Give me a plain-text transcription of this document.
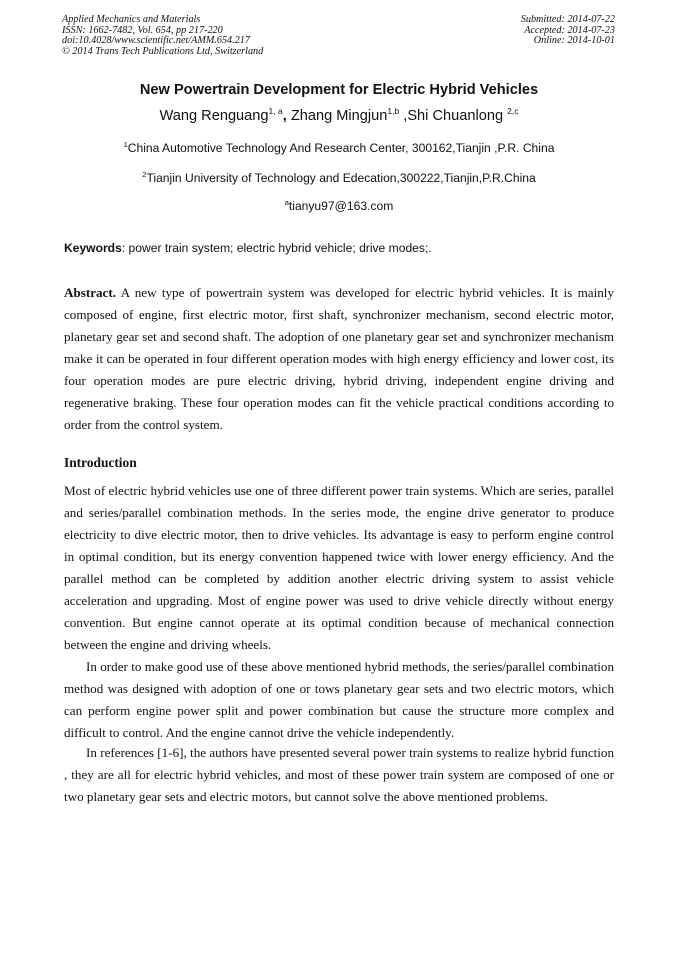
Applied Mechanics and Materials
ISSN: 1662-7482, Vol. 654, pp 217-220
doi:10.4028/www.scientific.net/AMM.654.217
© 2014 Trans Tech Publications Ltd, Switzerland
Submitted: 2014-07-22
Accepted: 2014-07-23
Online: 2014-10-01
New Powertrain Development for Electric Hybrid Vehicles
Wang Renguang$^{1, a}$, Zhang Mingjun$^{1,b}$ ,Shi Chuanlong $^{2,c}$
$^1$China Automotive Technology And Research Center, 300162,Tianjin ,P.R. China
$^2$Tianjin University of Technology and Edecation,300222,Tianjin,P.R.China
$^a$tianyu97@163.com
Keywords: power train system; electric hybrid vehicle; drive modes;.
Abstract. A new type of powertrain system was developed for electric hybrid vehicles. It is mainly composed of engine, first electric motor, first shaft, synchronizer mechanism, second electric motor, planetary gear set and second shaft. The adoption of one planetary gear set and synchronizer mechanism make it can be operated in four different operation modes with high energy efficiency and lower cost, its four operation modes are pure electric driving, hybrid driving, independent engine driving and regenerative braking. These four operation modes can fit the vehicle practical conditions according to order from the control system.
Introduction
Most of electric hybrid vehicles use one of three different power train systems. Which are series, parallel and series/parallel combination methods. In the series mode, the engine drive generator to produce electricity to dive electric motor, then to drive vehicles. Its advantage is easy to perform engine control in optimal condition, but its energy convention happened twice with lower energy efficiency. And the parallel method can be completed by addition another electric driving system to assist vehicle acceleration and upgrading. Most of engine power was used to drive vehicle directly without energy convention. But engine cannot operate at its optimal condition because of mechanical connection between the engine and driving wheels.
In order to make good use of these above mentioned hybrid methods, the series/parallel combination method was designed with adoption of one or tows planetary gear sets and two electric motors, which can perform engine power split and power combination but cause the structure more complex and difficult to control. And the engine cannot drive the vehicle independently.
In references [1-6], the authors have presented several power train systems to realize hybrid function , they are all for electric hybrid vehicles, and most of these power train system are composed of one or two planetary gear sets and electric motors, but cannot solve the above mentioned problems.
